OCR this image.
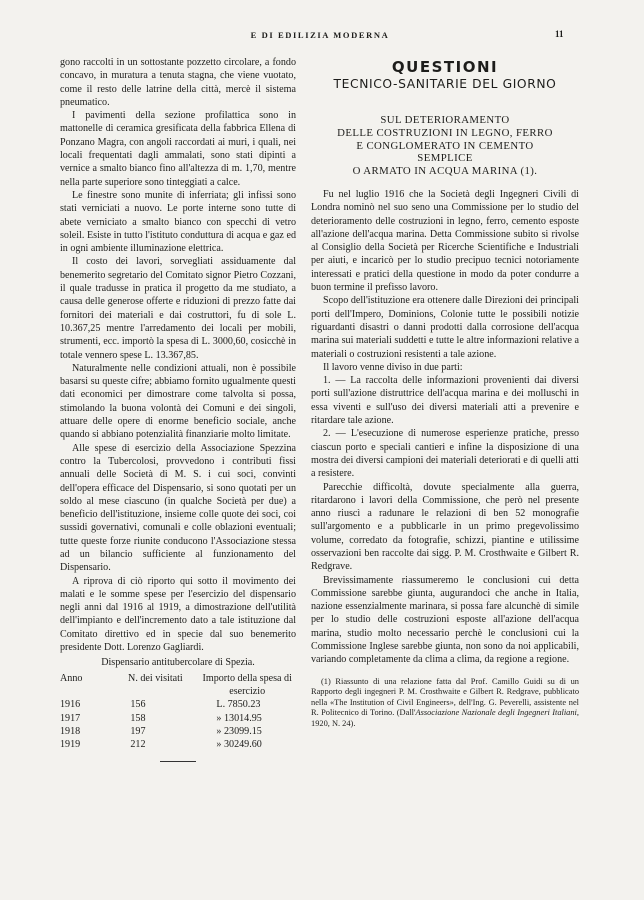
E DI EDILIZIA MODERNA	11

gono raccolti in un sottostante pozzetto circolare, a fondo concavo, in muratura a tenuta stagna, che viene vuotato, come il resto delle latrine della città, mercè il sistema pneumatico.

I pavimenti della sezione profilattica sono in mattonelle di ceramica gresificata della fabbrica Ellena di Ponzano Magra, con angoli raccordati ai muri, i quali, nei locali frequentati dagli ammalati, sono stati dipinti a vernice a smalto bianco fino all'altezza di m. 1,70, mentre nella parte superiore sono tinteggiati a calce.

Le finestre sono munite di inferriata; gli infissi sono stati verniciati a nuovo. Le porte interne sono tutte di abete verniciato a smalto bianco con specchi di vetro soleil. Esiste in tutto l'istituto conduttura di acqua e gaz ed in ogni ambiente illuminazione elettrica.

Il costo dei lavori, sorvegliati assiduamente dal benemerito segretario del Comitato signor Pietro Cozzani, il quale tradusse in pratica il progetto da me studiato, a causa delle generose offerte e riduzioni di prezzo fatte dai fornitori dei materiali e dai costruttori, fu di sole L. 10.367,25 mentre l'arredamento dei locali per mobili, strumenti, ecc. importò la spesa di L. 3000,60, cosicchè in totale vennero spese L. 13.367,85.

Naturalmente nelle condizioni attuali, non è possibile basarsi su queste cifre; abbiamo fornito ugualmente questi dati economici per dimostrare come talvolta si possa, stimolando la buona volontà dei Comuni e dei singoli, attuare delle opere di enorme beneficio sociale, anche quando si abbiano potenzialità finanziarie molto limitate.

Alle spese di esercizio della Associazione Spezzina contro la Tubercolosi, provvedono i contributi fissi annuali delle Società di M. S. i cui soci, convinti dell'opera efficace del Dispensario, si sono quotati per un soldo al mese ciascuno (in qualche Società per due) a beneficio dell'istituzione, insieme colle quote dei soci, coi sussidi governativi, comunali e colle oblazioni eventuali; tutte queste forze riunite conducono l'Associazione stessa ad un bilancio sufficiente al funzionamento del Dispensario.

A riprova di ciò riporto qui sotto il movimento dei malati e le somme spese per l'esercizio del dispensario negli anni dal 1916 al 1919, a dimostrazione dell'utilità dell'impianto e dell'incremento dato a tale istituzione dal Comitato direttivo ed in specie dal suo benemerito presidente Dott. Lorenzo Gagliardi.

Dispensario antitubercolare di Spezia.
Anno	N. dei visitati	Importo della spesa di esercizio
1916	156	L. 7850.23
1917	158	» 13014.95
1918	197	» 23099.15
1919	212	» 30249.60
QUESTIONI
TECNICO-SANITARIE DEL GIORNO
SUL DETERIORAMENTO
DELLE COSTRUZIONI IN LEGNO, FERRO
E CONGLOMERATO IN CEMENTO
SEMPLICE
O ARMATO IN ACQUA MARINA (1).

Fu nel luglio 1916 che la Società degli Ingegneri Civili di Londra nominò nel suo seno una Commissione per lo studio del deterioramento delle costruzioni in legno, ferro, cemento esposte all'azione dell'acqua marina. Detta Commissione subito si rivolse al Consiglio della Società per Ricerche Scientifiche e Industriali per aiuti, e incaricò per lo studio precipuo tecnici notoriamente interessati e pratici della questione in modo da poter condurre a buon termine il prefisso lavoro.

Scopo dell'istituzione era ottenere dalle Direzioni dei principali porti dell'Impero, Dominions, Colonie tutte le possibili notizie riguardanti disastri o danni prodotti dalla corrosione dell'acqua marina sui materiali suddetti e tutte le altre informazioni relative a materiali o costruzioni resistenti a tale azione.

Il lavoro venne diviso in due parti:

1. — La raccolta delle informazioni provenienti dai diversi porti sull'azione distruttrice dell'acqua marina e dei molluschi in essa viventi e sull'uso dei diversi materiali atti a prevenire e ritardare tale azione.

2. — L'esecuzione di numerose esperienze pratiche, presso ciascun porto e speciali cantieri e infine la disposizione di una mostra dei diversi campioni dei materiali deteriorati e di quelli atti a resistere.

Parecchie difficoltà, dovute specialmente alla guerra, ritardarono i lavori della Commissione, che però nel presente anno riuscì a radunare le relazioni di ben 52 monografie sull'argomento e a pubblicarle in un primo pregevolissimo volume, corredato da fotografie, schizzi, piantine e utilissime osservazioni ben raccolte dai sigg. P. M. Crosthwaite e Gilbert R. Redgrave.

Brevissimamente riassumeremo le conclusioni cui detta Commissione sarebbe giunta, augurandoci che anche in Italia, nazione essenzialmente marinara, si possa fare alcunchè di simile per lo studio delle costruzioni esposte all'azione dell'acqua marina, studio molto necessario perchè le conclusioni cui la Commissione Inglese sarebbe giunta, non sono da noi applicabili, variando completamente da clima a clima, da regione a regione.

(1) Riassunto di una relazione fatta dal Prof. Camillo Guidi su di un Rapporto degli ingegneri P. M. Crosthwaite e Gilbert R. Redgrave, pubblicato nella «The Institution of Civil Engineers», dell'Ing. G. Peverelli, assistente nel R. Politecnico di Torino. (Dall'Associazione Nazionale degli Ingegneri Italiani, 1920, N. 24).
